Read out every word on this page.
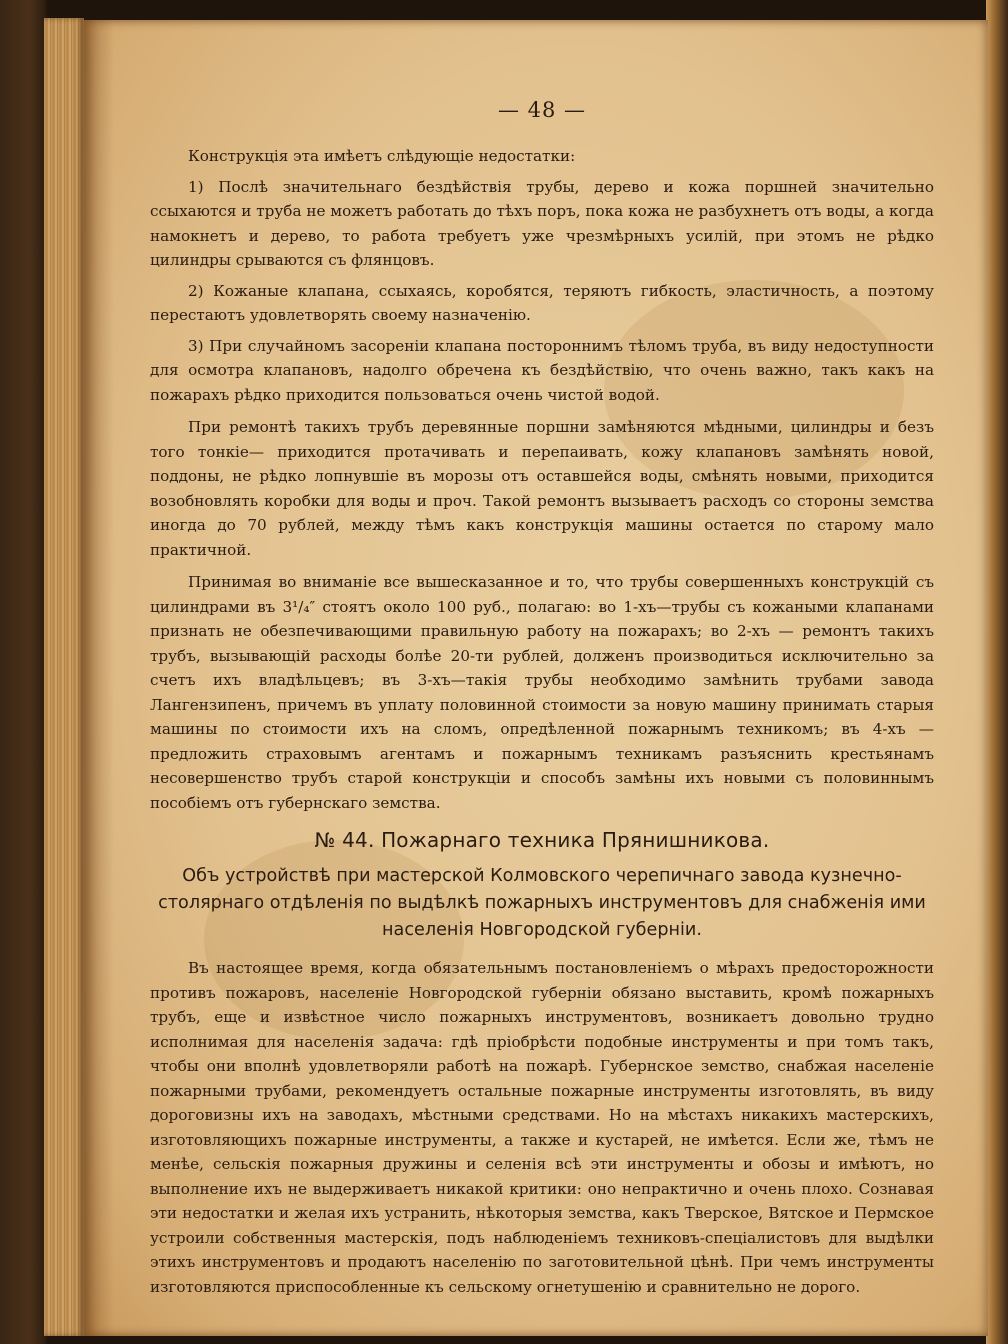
— 48 —

Конструкція эта имѣетъ слѣдующіе недостатки:

1) Послѣ значительнаго бездѣйствія трубы, дерево и кожа поршней значительно ссыхаются и труба не можетъ работать до тѣхъ поръ, пока кожа не разбухнетъ отъ воды, а когда намокнетъ и дерево, то работа требуетъ уже чрезмѣрныхъ усилій, при этомъ не рѣдко цилиндры срываются съ флянцовъ.

2) Кожаные клапана, ссыхаясь, коробятся, теряютъ гибкость, эластичность, а поэтому перестаютъ удовлетворять своему назначенію.

3) При случайномъ засореніи клапана постороннимъ тѣломъ труба, въ виду недоступности для осмотра клапановъ, надолго обречена къ бездѣйствію, что очень важно, такъ какъ на пожарахъ рѣдко приходится пользоваться очень чистой водой.

При ремонтѣ такихъ трубъ деревянные поршни замѣняются мѣдными, цилиндры и безъ того тонкіе— приходится протачивать и перепаивать, кожу клапановъ замѣнять новой, поддоны, не рѣдко лопнувшіе въ морозы отъ оставшейся воды, смѣнять новыми, приходится возобновлять коробки для воды и проч. Такой ремонтъ вызываетъ расходъ со стороны земства иногда до 70 рублей, между тѣмъ какъ конструкція машины остается по старому мало практичной.

Принимая во вниманіе все вышесказанное и то, что трубы совершенныхъ конструкцій съ цилиндрами въ 3¹/₄″ стоятъ около 100 руб., полагаю: во 1-хъ—трубы съ кожаными клапанами признать не обезпечивающими правильную работу на пожарахъ; во 2-хъ — ремонтъ такихъ трубъ, вызывающій расходы болѣе 20-ти рублей, долженъ производиться исключительно за счетъ ихъ владѣльцевъ; въ 3-хъ—такія трубы необходимо замѣнить трубами завода Лангензипенъ, причемъ въ уплату половинной стоимости за новую машину принимать старыя машины по стоимости ихъ на сломъ, опредѣленной пожарнымъ техникомъ; въ 4-хъ —предложить страховымъ агентамъ и пожарнымъ техникамъ разъяснить крестьянамъ несовершенство трубъ старой конструкціи и способъ замѣны ихъ новыми съ половиннымъ пособіемъ отъ губернскаго земства.

№ 44. Пожарнаго техника Прянишникова.
Объ устройствѣ при мастерской Колмовского черепичнаго завода кузнечно-столярнаго отдѣленія по выдѣлкѣ пожарныхъ инструментовъ для снабженія ими населенія Новгородской губерніи.

Въ настоящее время, когда обязательнымъ постановленіемъ о мѣрахъ предосторожности противъ пожаровъ, населеніе Новгородской губерніи обязано выставить, кромѣ пожарныхъ трубъ, еще и извѣстное число пожарныхъ инструментовъ, возникаетъ довольно трудно исполнимая для населенія задача: гдѣ пріобрѣсти подобные инструменты и при томъ такъ, чтобы они вполнѣ удовлетворяли работѣ на пожарѣ. Губернское земство, снабжая населеніе пожарными трубами, рекомендуетъ остальные пожарные инструменты изготовлять, въ виду дороговизны ихъ на заводахъ, мѣстными средствами. Но на мѣстахъ никакихъ мастерскихъ, изготовляющихъ пожарные инструменты, а также и кустарей, не имѣется. Если же, тѣмъ не менѣе, сельскія пожарныя дружины и селенія всѣ эти инструменты и обозы и имѣютъ, но выполнение ихъ не выдерживаетъ никакой критики: оно непрактично и очень плохо. Сознавая эти недостатки и желая ихъ устранить, нѣкоторыя земства, какъ Тверское, Вятское и Пермское устроили собственныя мастерскія, подъ наблюденіемъ техниковъ-спеціалистовъ для выдѣлки этихъ инструментовъ и продаютъ населенію по заготовительной цѣнѣ. При чемъ инструменты изготовляются приспособленные къ сельскому огнетушенію и сравнительно не дорого.
